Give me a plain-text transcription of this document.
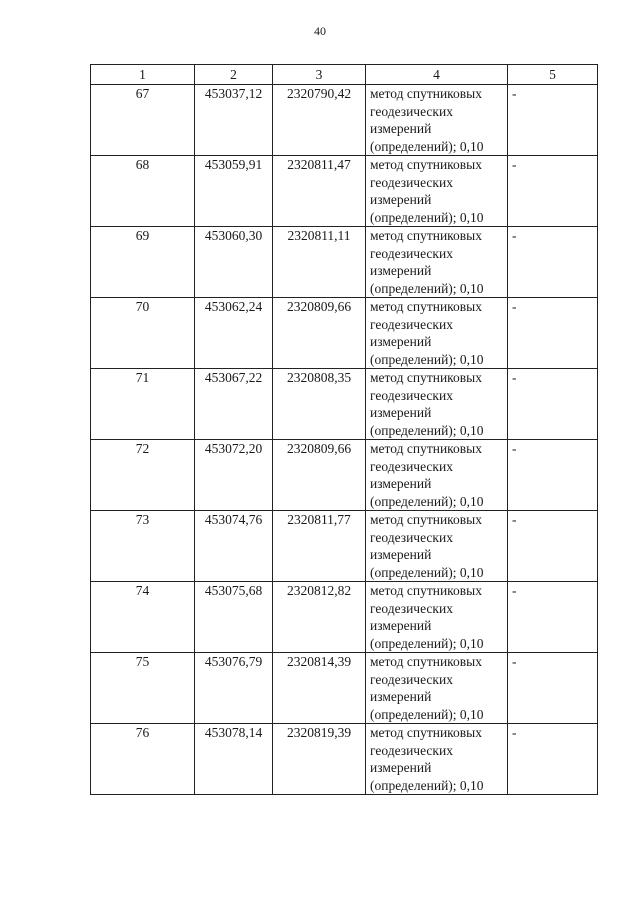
40
1	2	3	4	5
67	453037,12	2320790,42	метод спутниковых геодезических измерений (определений); 0,10	-
68	453059,91	2320811,47	метод спутниковых геодезических измерений (определений); 0,10	-
69	453060,30	2320811,11	метод спутниковых геодезических измерений (определений); 0,10	-
70	453062,24	2320809,66	метод спутниковых геодезических измерений (определений); 0,10	-
71	453067,22	2320808,35	метод спутниковых геодезических измерений (определений); 0,10	-
72	453072,20	2320809,66	метод спутниковых геодезических измерений (определений); 0,10	-
73	453074,76	2320811,77	метод спутниковых геодезических измерений (определений); 0,10	-
74	453075,68	2320812,82	метод спутниковых геодезических измерений (определений); 0,10	-
75	453076,79	2320814,39	метод спутниковых геодезических измерений (определений); 0,10	-
76	453078,14	2320819,39	метод спутниковых геодезических измерений (определений); 0,10	-
